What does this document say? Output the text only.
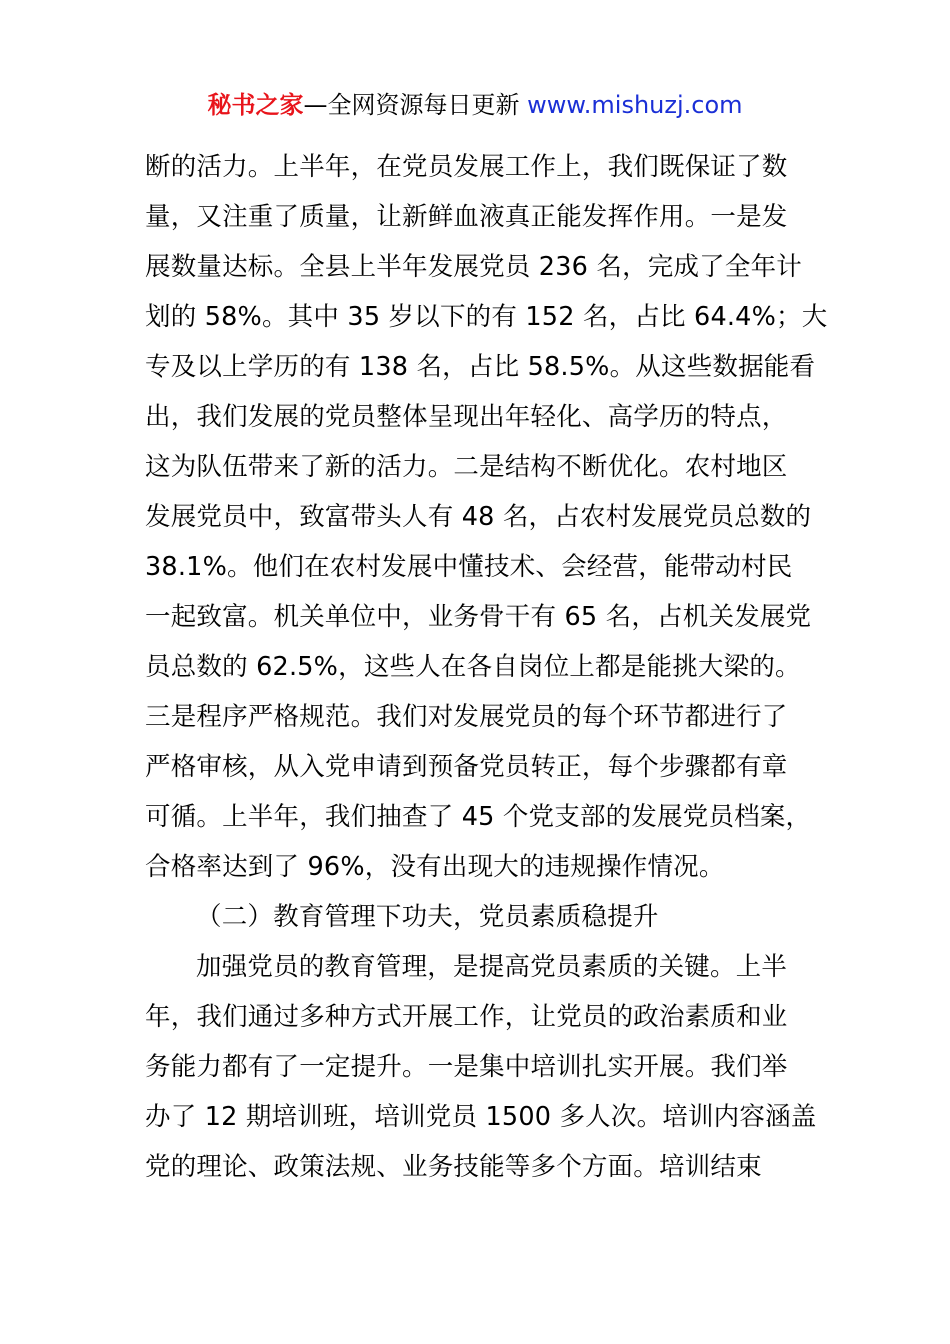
秘书之家—全网资源每日更新 www.mishuzj.com
断的活力。上半年，在党员发展工作上，我们既保证了数
量，又注重了质量，让新鲜血液真正能发挥作用。一是发
展数量达标。全县上半年发展党员 236 名，完成了全年计
划的 58%。其中 35 岁以下的有 152 名，占比 64.4%；大
专及以上学历的有 138 名，占比 58.5%。从这些数据能看
出，我们发展的党员整体呈现出年轻化、高学历的特点，
这为队伍带来了新的活力。二是结构不断优化。农村地区
发展党员中，致富带头人有 48 名，占农村发展党员总数的
38.1%。他们在农村发展中懂技术、会经营，能带动村民
一起致富。机关单位中，业务骨干有 65 名，占机关发展党
员总数的 62.5%，这些人在各自岗位上都是能挑大梁的。
三是程序严格规范。我们对发展党员的每个环节都进行了
严格审核，从入党申请到预备党员转正，每个步骤都有章
可循。上半年，我们抽查了 45 个党支部的发展党员档案，
合格率达到了 96%，没有出现大的违规操作情况。
（二）教育管理下功夫，党员素质稳提升
加强党员的教育管理，是提高党员素质的关键。上半
年，我们通过多种方式开展工作，让党员的政治素质和业
务能力都有了一定提升。一是集中培训扎实开展。我们举
办了 12 期培训班，培训党员 1500 多人次。培训内容涵盖
党的理论、政策法规、业务技能等多个方面。培训结束
